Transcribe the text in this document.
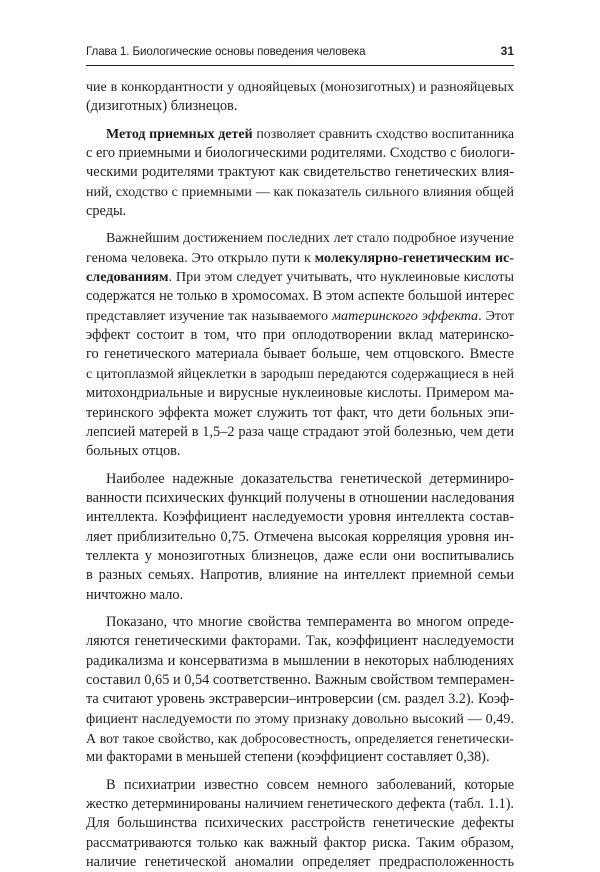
Глава 1. Биологические основы поведения человека	31

чие в конкордантности у однояйцевых (монозиготных) и разнояйцевых

(дизиготных) близнецов.

Метод приемных детей позволяет сравнить сходство воспитанника

с его приемными и биологическими родителями. Сходство с биологи-

ческими родителями трактуют как свидетельство генетических влия-

ний, сходство с приемными — как показатель сильного влияния общей

среды.

Важнейшим достижением последних лет стало подробное изучение

генома человека. Это открыло пути к молекулярно-генетическим ис-

следованиям. При этом следует учитывать, что нуклеиновые кислоты

содержатся не только в хромосомах. В этом аспекте большой интерес

представляет изучение так называемого материнского эффекта. Этот

эффект состоит в том, что при оплодотворении вклад материнско-

го генетического материала бывает больше, чем отцовского. Вместе

с цитоплазмой яйцеклетки в зародыш передаются содержащиеся в ней

митохондриальные и вирусные нуклеиновые кислоты. Примером ма-

теринского эффекта может служить тот факт, что дети больных эпи-

лепсией матерей в 1,5–2 раза чаще страдают этой болезнью, чем дети

больных отцов.

Наиболее надежные доказательства генетической детерминиро-

ванности психических функций получены в отношении наследования

интеллекта. Коэффициент наследуемости уровня интеллекта состав-

ляет приблизительно 0,75. Отмечена высокая корреляция уровня ин-

теллекта у монозиготных близнецов, даже если они воспитывались

в разных семьях. Напротив, влияние на интеллект приемной семьи

ничтожно мало.

Показано, что многие свойства темперамента во многом опреде-

ляются генетическими факторами. Так, коэффициент наследуемости

радикализма и консерватизма в мышлении в некоторых наблюдениях

составил 0,65 и 0,54 соответственно. Важным свойством темперамен-

та считают уровень экстраверсии–интроверсии (см. раздел 3.2). Коэф-

фициент наследуемости по этому признаку довольно высокий — 0,49.

А вот такое свойство, как добросовестность, определяется генетически-

ми факторами в меньшей степени (коэффициент составляет 0,38).

В психиатрии известно совсем немного заболеваний, которые

жестко детерминированы наличием генетического дефекта (табл. 1.1).

Для большинства психических расстройств генетические дефекты

рассматриваются только как важный фактор риска. Таким образом,

наличие генетической аномалии определяет предрасположенность
